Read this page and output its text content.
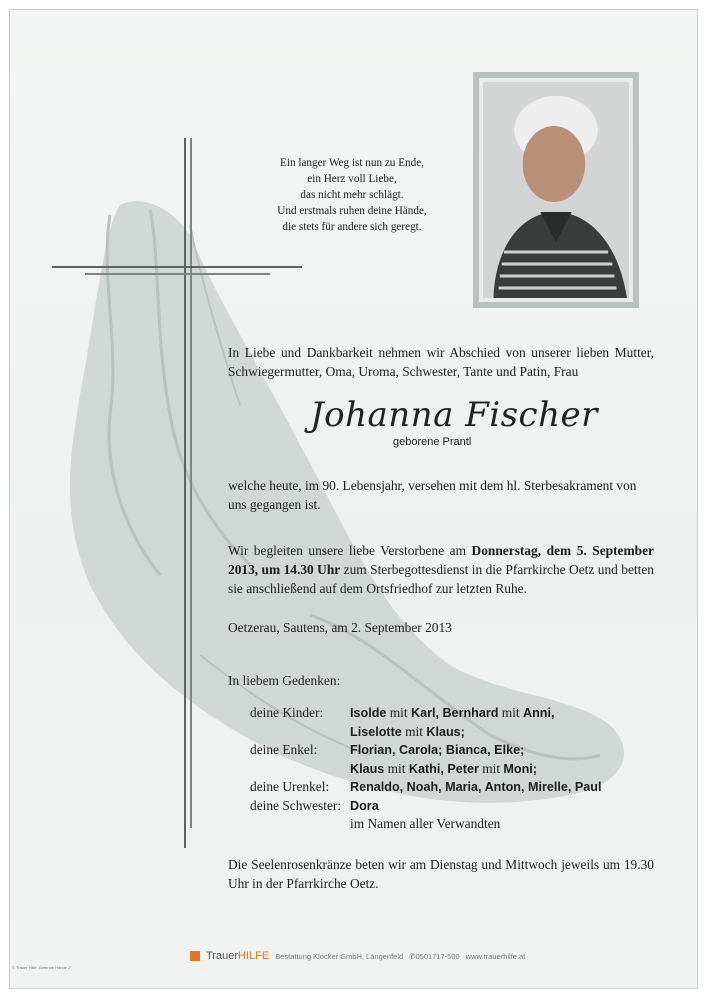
Ein langer Weg ist nun zu Ende,
ein Herz voll Liebe,
das nicht mehr schlägt.
Und erstmals ruhen deine Hände,
die stets für andere sich geregt.
In Liebe und Dankbarkeit nehmen wir Abschied von unserer lieben Mutter, Schwiegermutter, Oma, Uroma, Schwester, Tante und Patin, Frau
Johanna Fischer
geborene Prantl
welche heute, im 90. Lebensjahr, versehen mit dem hl. Sterbesakrament von uns gegangen ist.
Wir begleiten unsere liebe Verstorbene am Donnerstag, dem 5. September 2013, um 14.30 Uhr zum Sterbegottesdienst in die Pfarrkirche Oetz und betten sie anschließend auf dem Ortsfriedhof zur letzten Ruhe.
Oetzerau, Sautens, am 2. September 2013
In liebem Gedenken:
deine Kinder:	Isolde mit Karl, Bernhard mit Anni,
Liselotte mit Klaus;
deine Enkel:	Florian, Carola; Bianca, Elke;
Klaus mit Kathi, Peter mit Moni;
deine Urenkel:	Renaldo, Noah, Maria, Anton, Mirelle, Paul
deine Schwester: Dora
im Namen aller Verwandten
Die Seelenrosenkränze beten wir am Dienstag und Mittwoch jeweils um 19.30 Uhr in der Pfarrkirche Oetz.
TrauerHILFE Bestattung Klocker GmbH, Längenfeld ✆0501717-500 www.trauerhilfe.at
© Trauer Hilfe „Betende Hände 2"
